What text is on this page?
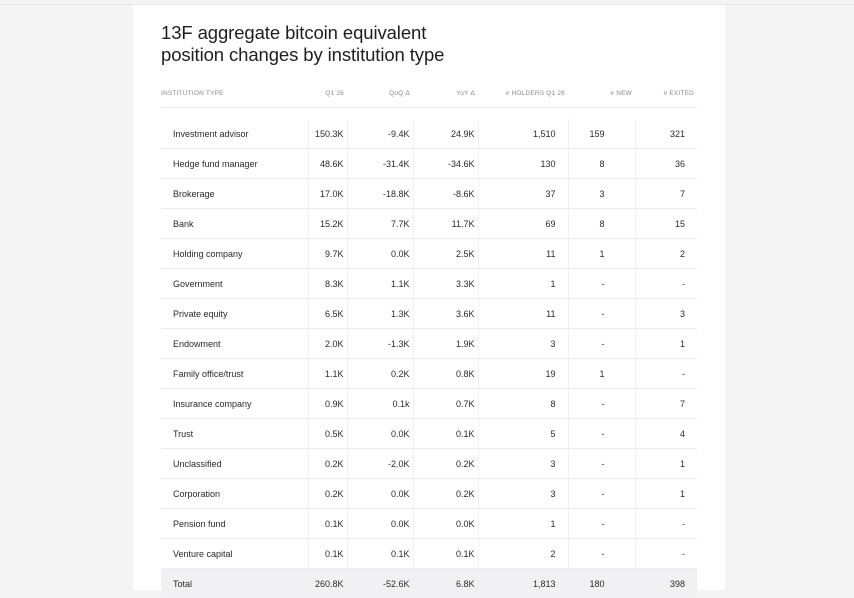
13F aggregate bitcoin equivalent
position changes by institution type
INSTITUTION TYPE	Q1 26	QoQ Δ	YoY Δ	# HOLDERS Q1 26	# NEW	# EXITED

Investment advisor	150.3K	-9.4K	24.9K	1,510	159	321
Hedge fund manager	48.6K	-31.4K	-34.6K	130	8	36
Brokerage	17.0K	-18.8K	-8.6K	37	3	7
Bank	15.2K	7.7K	11.7K	69	8	15
Holding company	9.7K	0.0K	2.5K	11	1	2
Government	8.3K	1.1K	3.3K	1	-	-
Private equity	6.5K	1.3K	3.6K	11	-	3
Endowment	2.0K	-1.3K	1.9K	3	-	1
Family office/trust	1.1K	0.2K	0.8K	19	1	-
Insurance company	0.9K	0.1k	0.7K	8	-	7
Trust	0.5K	0.0K	0.1K	5	-	4
Unclassified	0.2K	-2.0K	0.2K	3	-	1
Corporation	0.2K	0.0K	0.2K	3	-	1
Pension fund	0.1K	0.0K	0.0K	1	-	-
Venture capital	0.1K	0.1K	0.1K	2	-	-
Total	260.8K	-52.6K	6.8K	1,813	180	398
